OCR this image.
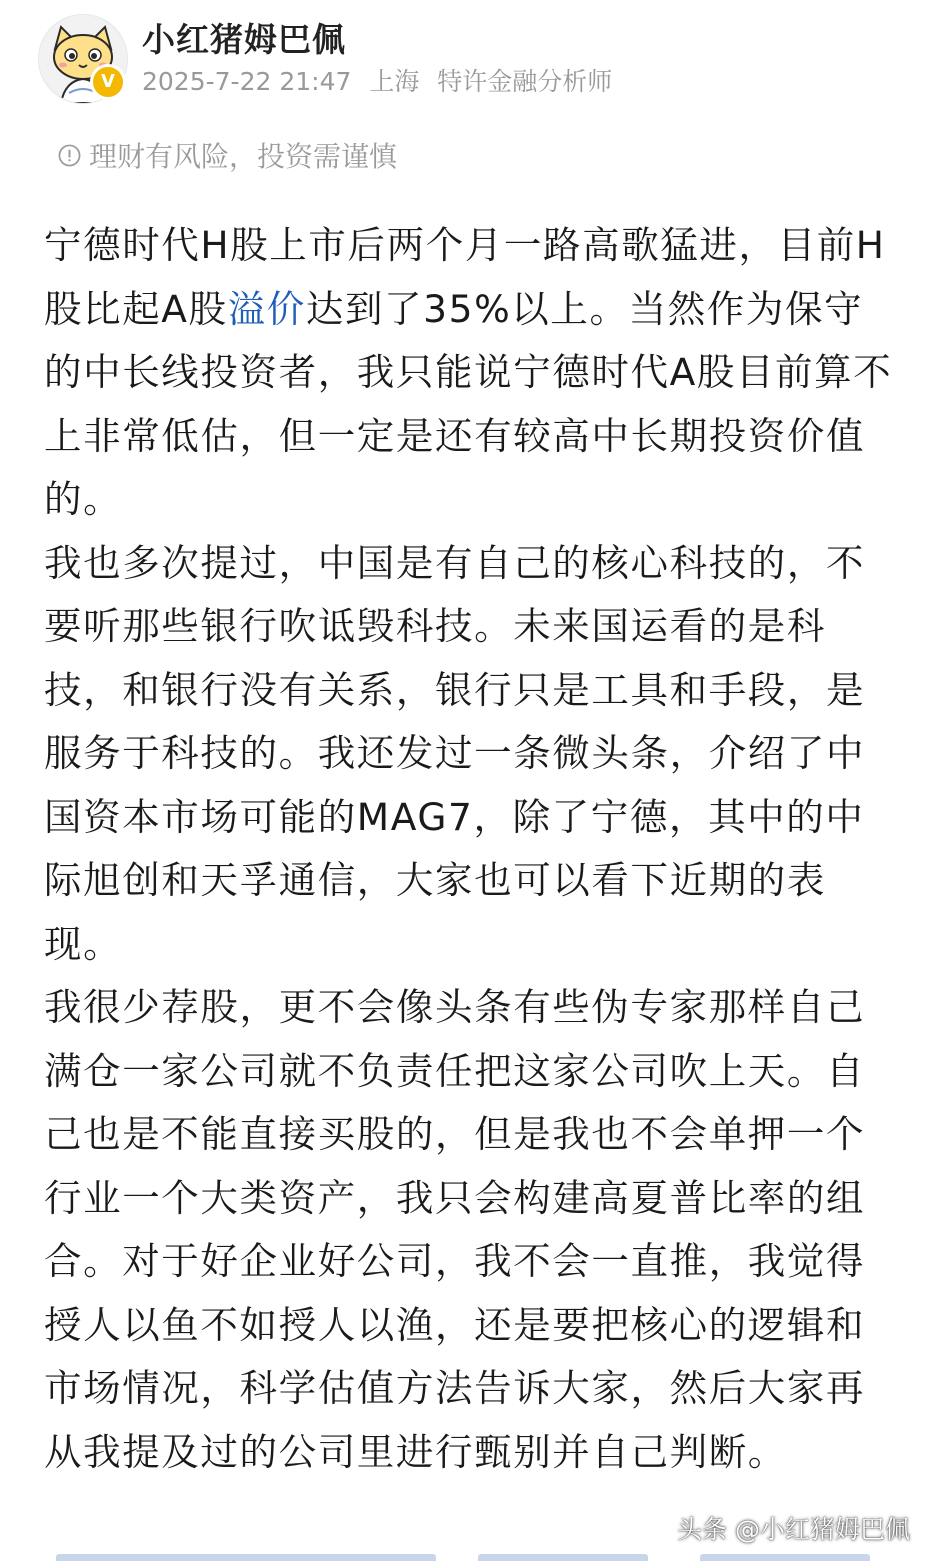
V
小红猪姆巴佩
2025-7-22 21:47 上海 特许金融分析师
理财有风险，投资需谨慎

宁德时代H股上市后两个月一路高歌猛进，目前H股比起A股溢价达到了35%以上。当然作为保守的中长线投资者，我只能说宁德时代A股目前算不上非常低估，但一定是还有较高中长期投资价值的。

我也多次提过，中国是有自己的核心科技的，不要听那些银行吹诋毁科技。未来国运看的是科技，和银行没有关系，银行只是工具和手段，是服务于科技的。我还发过一条微头条，介绍了中国资本市场可能的MAG7，除了宁德，其中的中际旭创和天孚通信，大家也可以看下近期的表现。

我很少荐股，更不会像头条有些伪专家那样自己满仓一家公司就不负责任把这家公司吹上天。自己也是不能直接买股的，但是我也不会单押一个行业一个大类资产，我只会构建高夏普比率的组合。对于好企业好公司，我不会一直推，我觉得授人以鱼不如授人以渔，还是要把核心的逻辑和市场情况，科学估值方法告诉大家，然后大家再从我提及过的公司里进行甄别并自己判断。

头条 @小红猪姆巴佩
